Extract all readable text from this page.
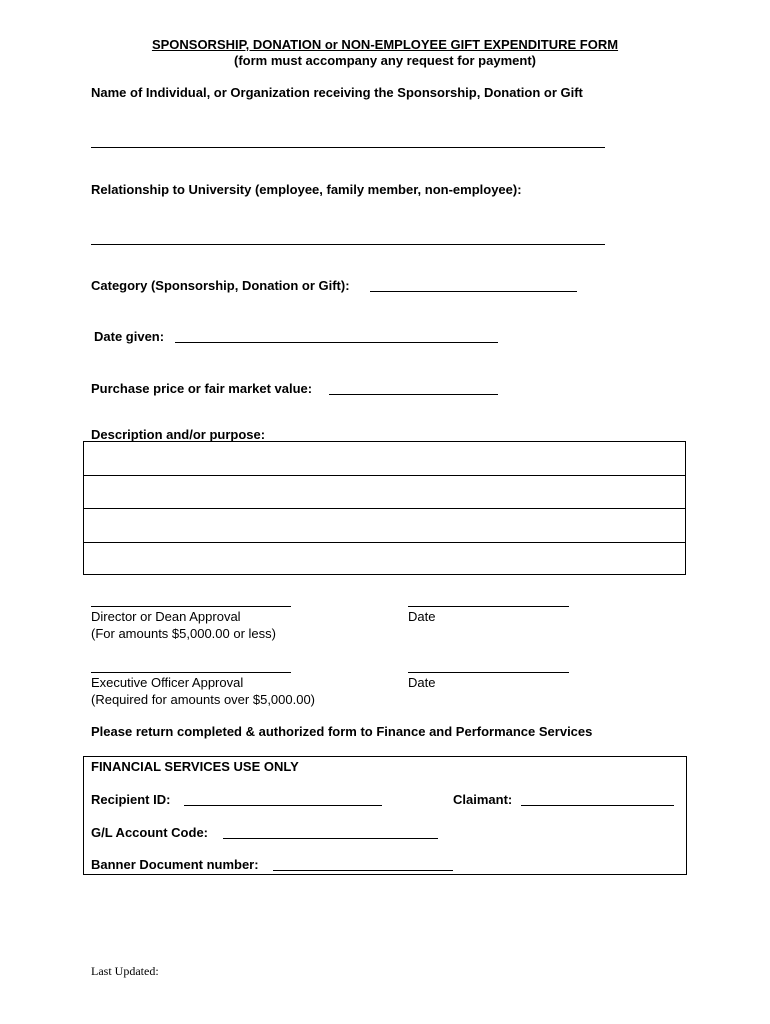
SPONSORSHIP, DONATION or NON-EMPLOYEE GIFT EXPENDITURE FORM
(form must accompany any request for payment)
Name of Individual, or Organization receiving the Sponsorship, Donation or Gift
Relationship to University (employee, family member, non-employee):
Category (Sponsorship, Donation or Gift):
Date given:
Purchase price or fair market value:
Description and/or purpose:
Director or Dean Approval
(For amounts $5,000.00 or less)
Date
Executive Officer Approval
(Required for amounts over $5,000.00)
Date
Please return completed & authorized form to Finance and Performance Services
FINANCIAL SERVICES USE ONLY
Recipient ID:	Claimant:
G/L Account Code:
Banner Document number:
Last Updated:
